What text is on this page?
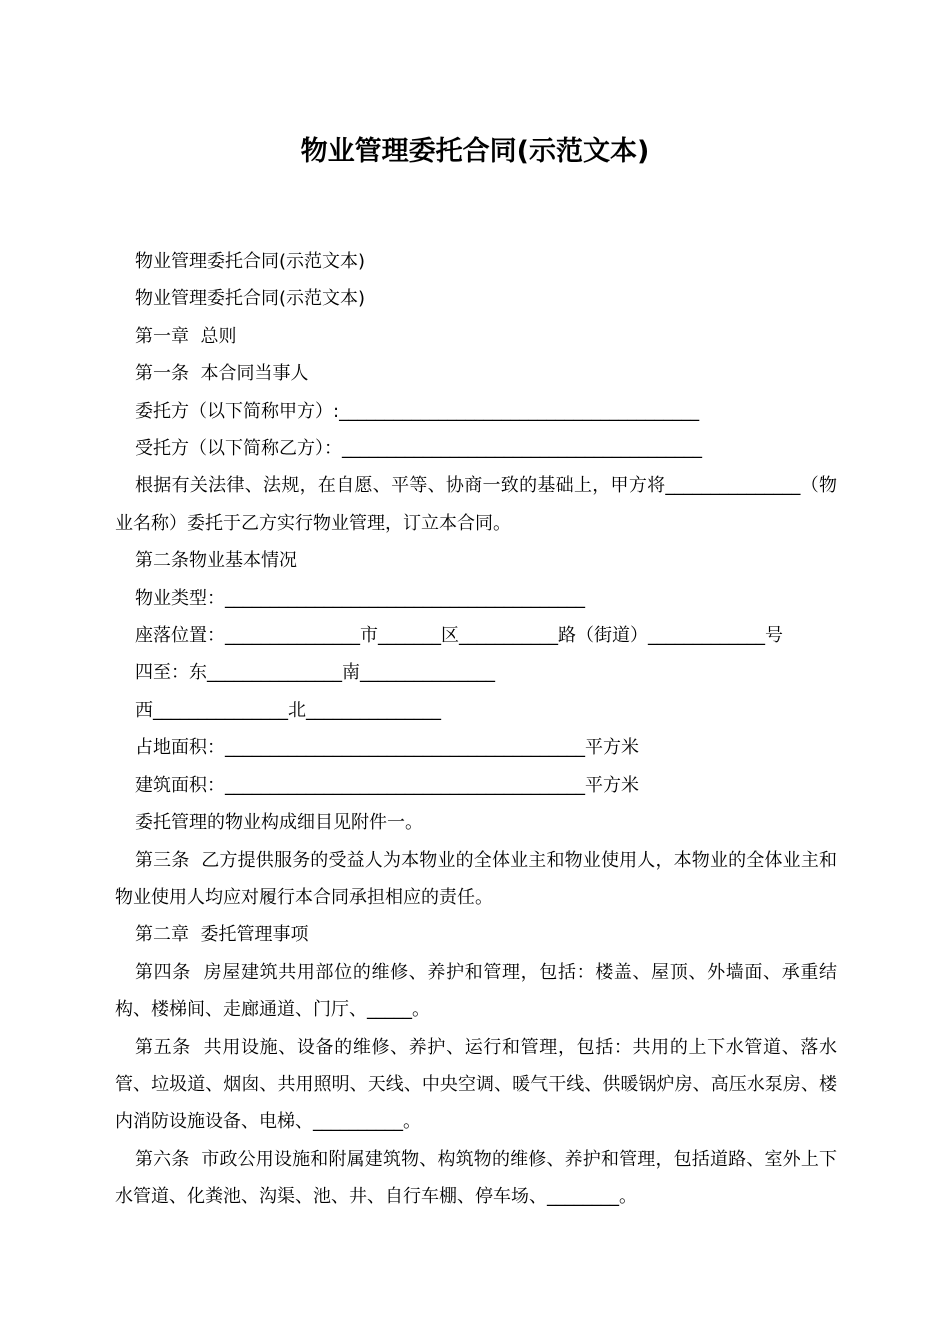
物业管理委托合同(示范文本)

物业管理委托合同(示范文本)

物业管理委托合同(示范文本)

第一章  总则

第一条  本合同当事人

委托方（以下简称甲方）:________________________________________

受托方（以下简称乙方）：________________________________________

根据有关法律、法规，在自愿、平等、协商一致的基础上，甲方将_______________（物业名称）委托于乙方实行物业管理，订立本合同。

第二条物业基本情况

物业类型：________________________________________

座落位置：_______________市_______区___________路（街道）_____________号

四至：东_______________南_______________

西_______________北_______________

占地面积：________________________________________平方米

建筑面积：________________________________________平方米

委托管理的物业构成细目见附件一。

第三条  乙方提供服务的受益人为本物业的全体业主和物业使用人，本物业的全体业主和物业使用人均应对履行本合同承担相应的责任。

第二章  委托管理事项

第四条  房屋建筑共用部位的维修、养护和管理，包括：楼盖、屋顶、外墙面、承重结构、楼梯间、走廊通道、门厅、_____。

第五条  共用设施、设备的维修、养护、运行和管理，包括：共用的上下水管道、落水管、垃圾道、烟囱、共用照明、天线、中央空调、暖气干线、供暖锅炉房、高压水泵房、楼内消防设施设备、电梯、__________。

第六条  市政公用设施和附属建筑物、构筑物的维修、养护和管理，包括道路、室外上下水管道、化粪池、沟渠、池、井、自行车棚、停车场、________。
